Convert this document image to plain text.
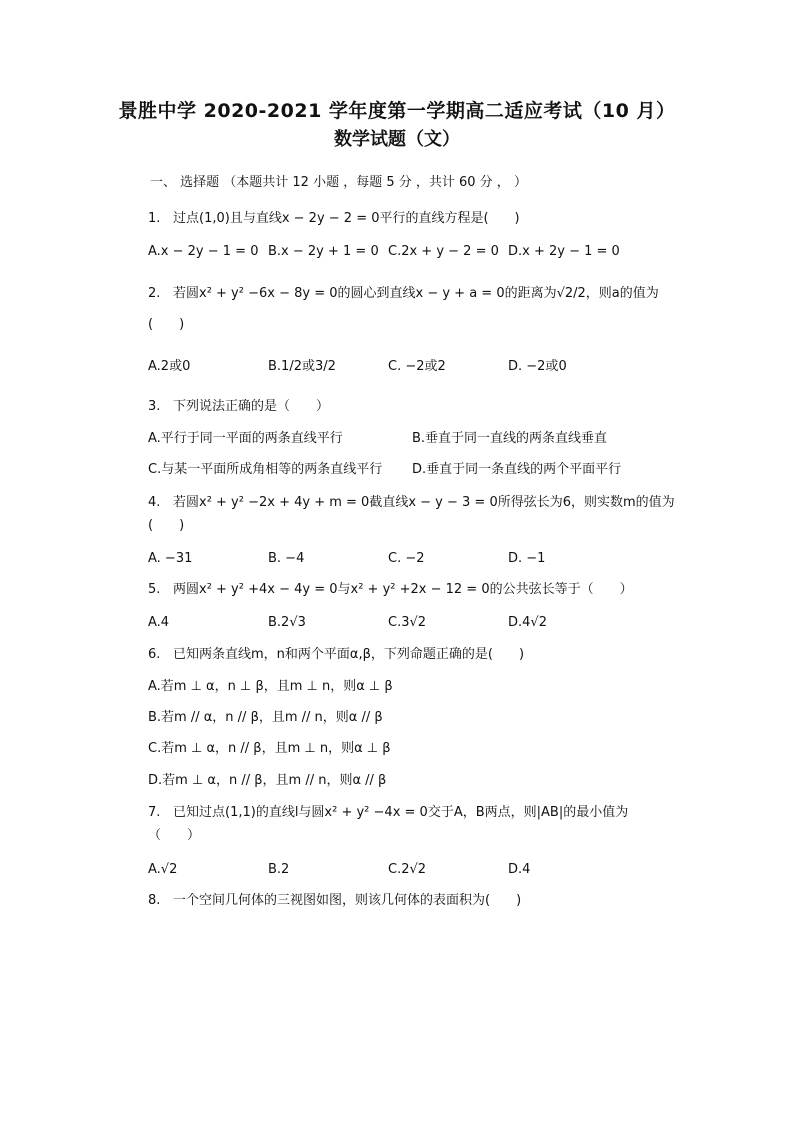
景胜中学 2020-2021 学年度第一学期高二适应考试（10 月）
数学试题（文）
一、 选择题 （本题共计 12 小题 ，每题 5 分 ，共计 60 分 ， ）
1. 过点(1,0)且与直线x − 2y − 2 = 0平行的直线方程是(　　)
A.x − 2y − 1 = 0 B.x − 2y + 1 = 0 C.2x + y − 2 = 0 D.x + 2y − 1 = 0
2. 若圆x² + y² −6x − 8y = 0的圆心到直线x − y + a = 0的距离为√2/2，则a的值为
(　　)
A.2或0	B.1/2或3/2	C. −2或2	D. −2或0
3. 下列说法正确的是（　　）
A.平行于同一平面的两条直线平行	B.垂直于同一直线的两条直线垂直
C.与某一平面所成角相等的两条直线平行 D.垂直于同一条直线的两个平面平行
4. 若圆x² + y² −2x + 4y + m = 0截直线x − y − 3 = 0所得弦长为6，则实数m的值为
(　　)
A. −31	B. −4	C. −2	D. −1
5. 两圆x² + y² +4x − 4y = 0与x² + y² +2x − 12 = 0的公共弦长等于（　　）
A.4	B.2√3	C.3√2	D.4√2
6. 已知两条直线m，n和两个平面α,β，下列命题正确的是(　　)
A.若m ⊥ α，n ⊥ β，且m ⊥ n，则α ⊥ β
B.若m // α，n // β，且m // n，则α // β
C.若m ⊥ α，n // β，且m ⊥ n，则α ⊥ β
D.若m ⊥ α，n // β，且m // n，则α // β
7. 已知过点(1,1)的直线l与圆x² + y² −4x = 0交于A，B两点，则|AB|的最小值为
（　　）
A.√2	B.2	C.2√2	D.4
8. 一个空间几何体的三视图如图，则该几何体的表面积为(　　)
